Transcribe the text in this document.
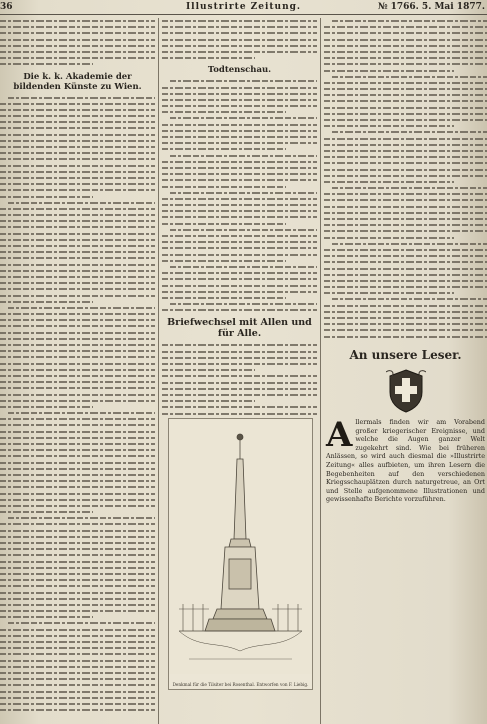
36	Illustrirte Zeitung.	№ 1766. 5. Mai 1877.
Die k. k. Akademie der bildenden Künste zu Wien.
Todtenschau.
Briefwechsel mit Allen und für Alle.
Denkmal für die Tilsiter bei Rosenthal. Entworfen von F. Liebig.
An unsere Leser.
Allermals finden wir am Vorabend großer kriegerischer Ereignisse, und welche die Augen ganzer Welt zugekehrt sind. Wie bei früheren Anlässen, so wird auch diesmal die »Illustrirte Zeitung« alles aufbieten, um ihren Lesern die Begebenheiten auf den verschiedenen Kriegsschauplätzen durch naturgetreue, an Ort und Stelle aufgenommene Illustrationen und gewissenhafte Berichte vorzuführen.
